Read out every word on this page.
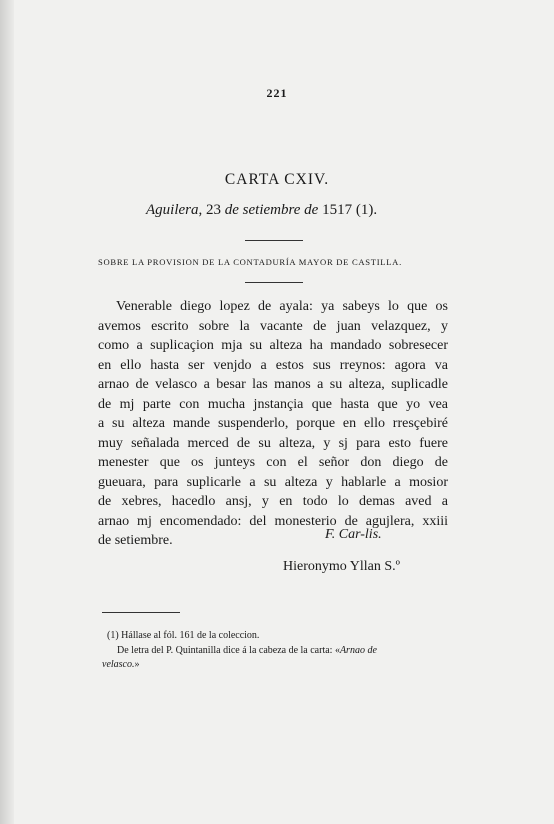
221
CARTA CXIV.
Aguilera, 23 de setiembre de 1517 (1).
SOBRE LA PROVISION DE LA CONTADURÍA MAYOR DE CASTILLA.
Venerable diego lopez de ayala: ya sabeys lo que os
avemos escrito sobre la vacante de juan velazquez, y
como a suplicaçion mja su alteza ha mandado sobresecer
en ello hasta ser venjdo a estos sus rreynos: agora va
arnao de velasco a besar las manos a su alteza, suplicadle
de mj parte con mucha jnstançia que hasta que yo vea
a su alteza mande suspenderlo, porque en ello rresçebiré
muy señalada merced de su alteza, y sj para esto fuere
menester que os junteys con el señor don diego de
gueuara, para suplicarle a su alteza y hablarle a mosior
de xebres, hacedlo ansj, y en todo lo demas aved a
arnao mj encomendado: del monesterio de agujlera, xxiii
de setiembre.	F. Car-lis.
Hieronymo Yllan S.º
(1) Hállase al fól. 161 de la coleccion.
De letra del P. Quintanilla dice á la cabeza de la carta: «Arnao de
velasco.»
